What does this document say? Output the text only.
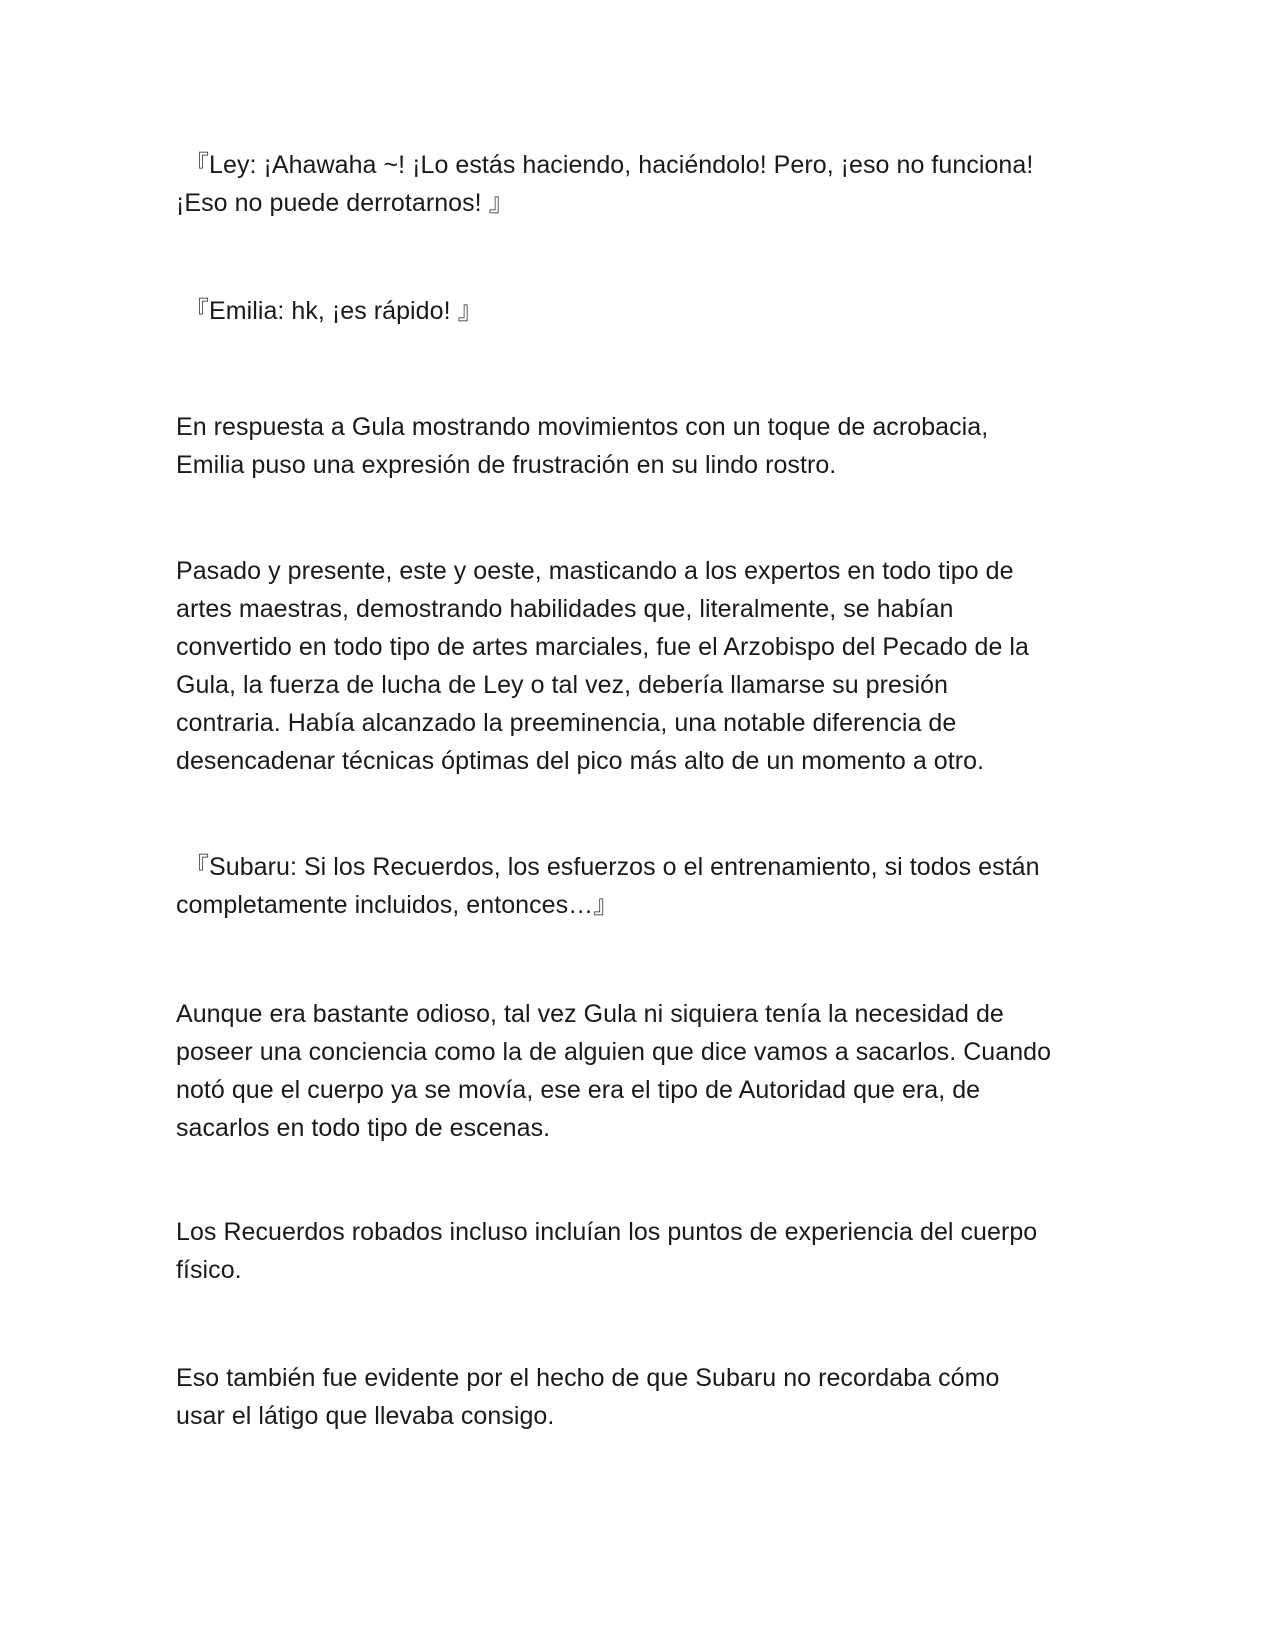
『Ley: ¡Ahawaha ~! ¡Lo estás haciendo, haciéndolo! Pero, ¡eso no funciona!
¡Eso no puede derrotarnos! 』

『Emilia: hk, ¡es rápido! 』

En respuesta a Gula mostrando movimientos con un toque de acrobacia,
Emilia puso una expresión de frustración en su lindo rostro.

Pasado y presente, este y oeste, masticando a los expertos en todo tipo de
artes maestras, demostrando habilidades que, literalmente, se habían
convertido en todo tipo de artes marciales, fue el Arzobispo del Pecado de la
Gula, la fuerza de lucha de Ley o tal vez, debería llamarse su presión
contraria. Había alcanzado la preeminencia, una notable diferencia de
desencadenar técnicas óptimas del pico más alto de un momento a otro.

『Subaru: Si los Recuerdos, los esfuerzos o el entrenamiento, si todos están
completamente incluidos, entonces…』

Aunque era bastante odioso, tal vez Gula ni siquiera tenía la necesidad de
poseer una conciencia como la de alguien que dice vamos a sacarlos. Cuando
notó que el cuerpo ya se movía, ese era el tipo de Autoridad que era, de
sacarlos en todo tipo de escenas.

Los Recuerdos robados incluso incluían los puntos de experiencia del cuerpo
físico.

Eso también fue evidente por el hecho de que Subaru no recordaba cómo
usar el látigo que llevaba consigo.
